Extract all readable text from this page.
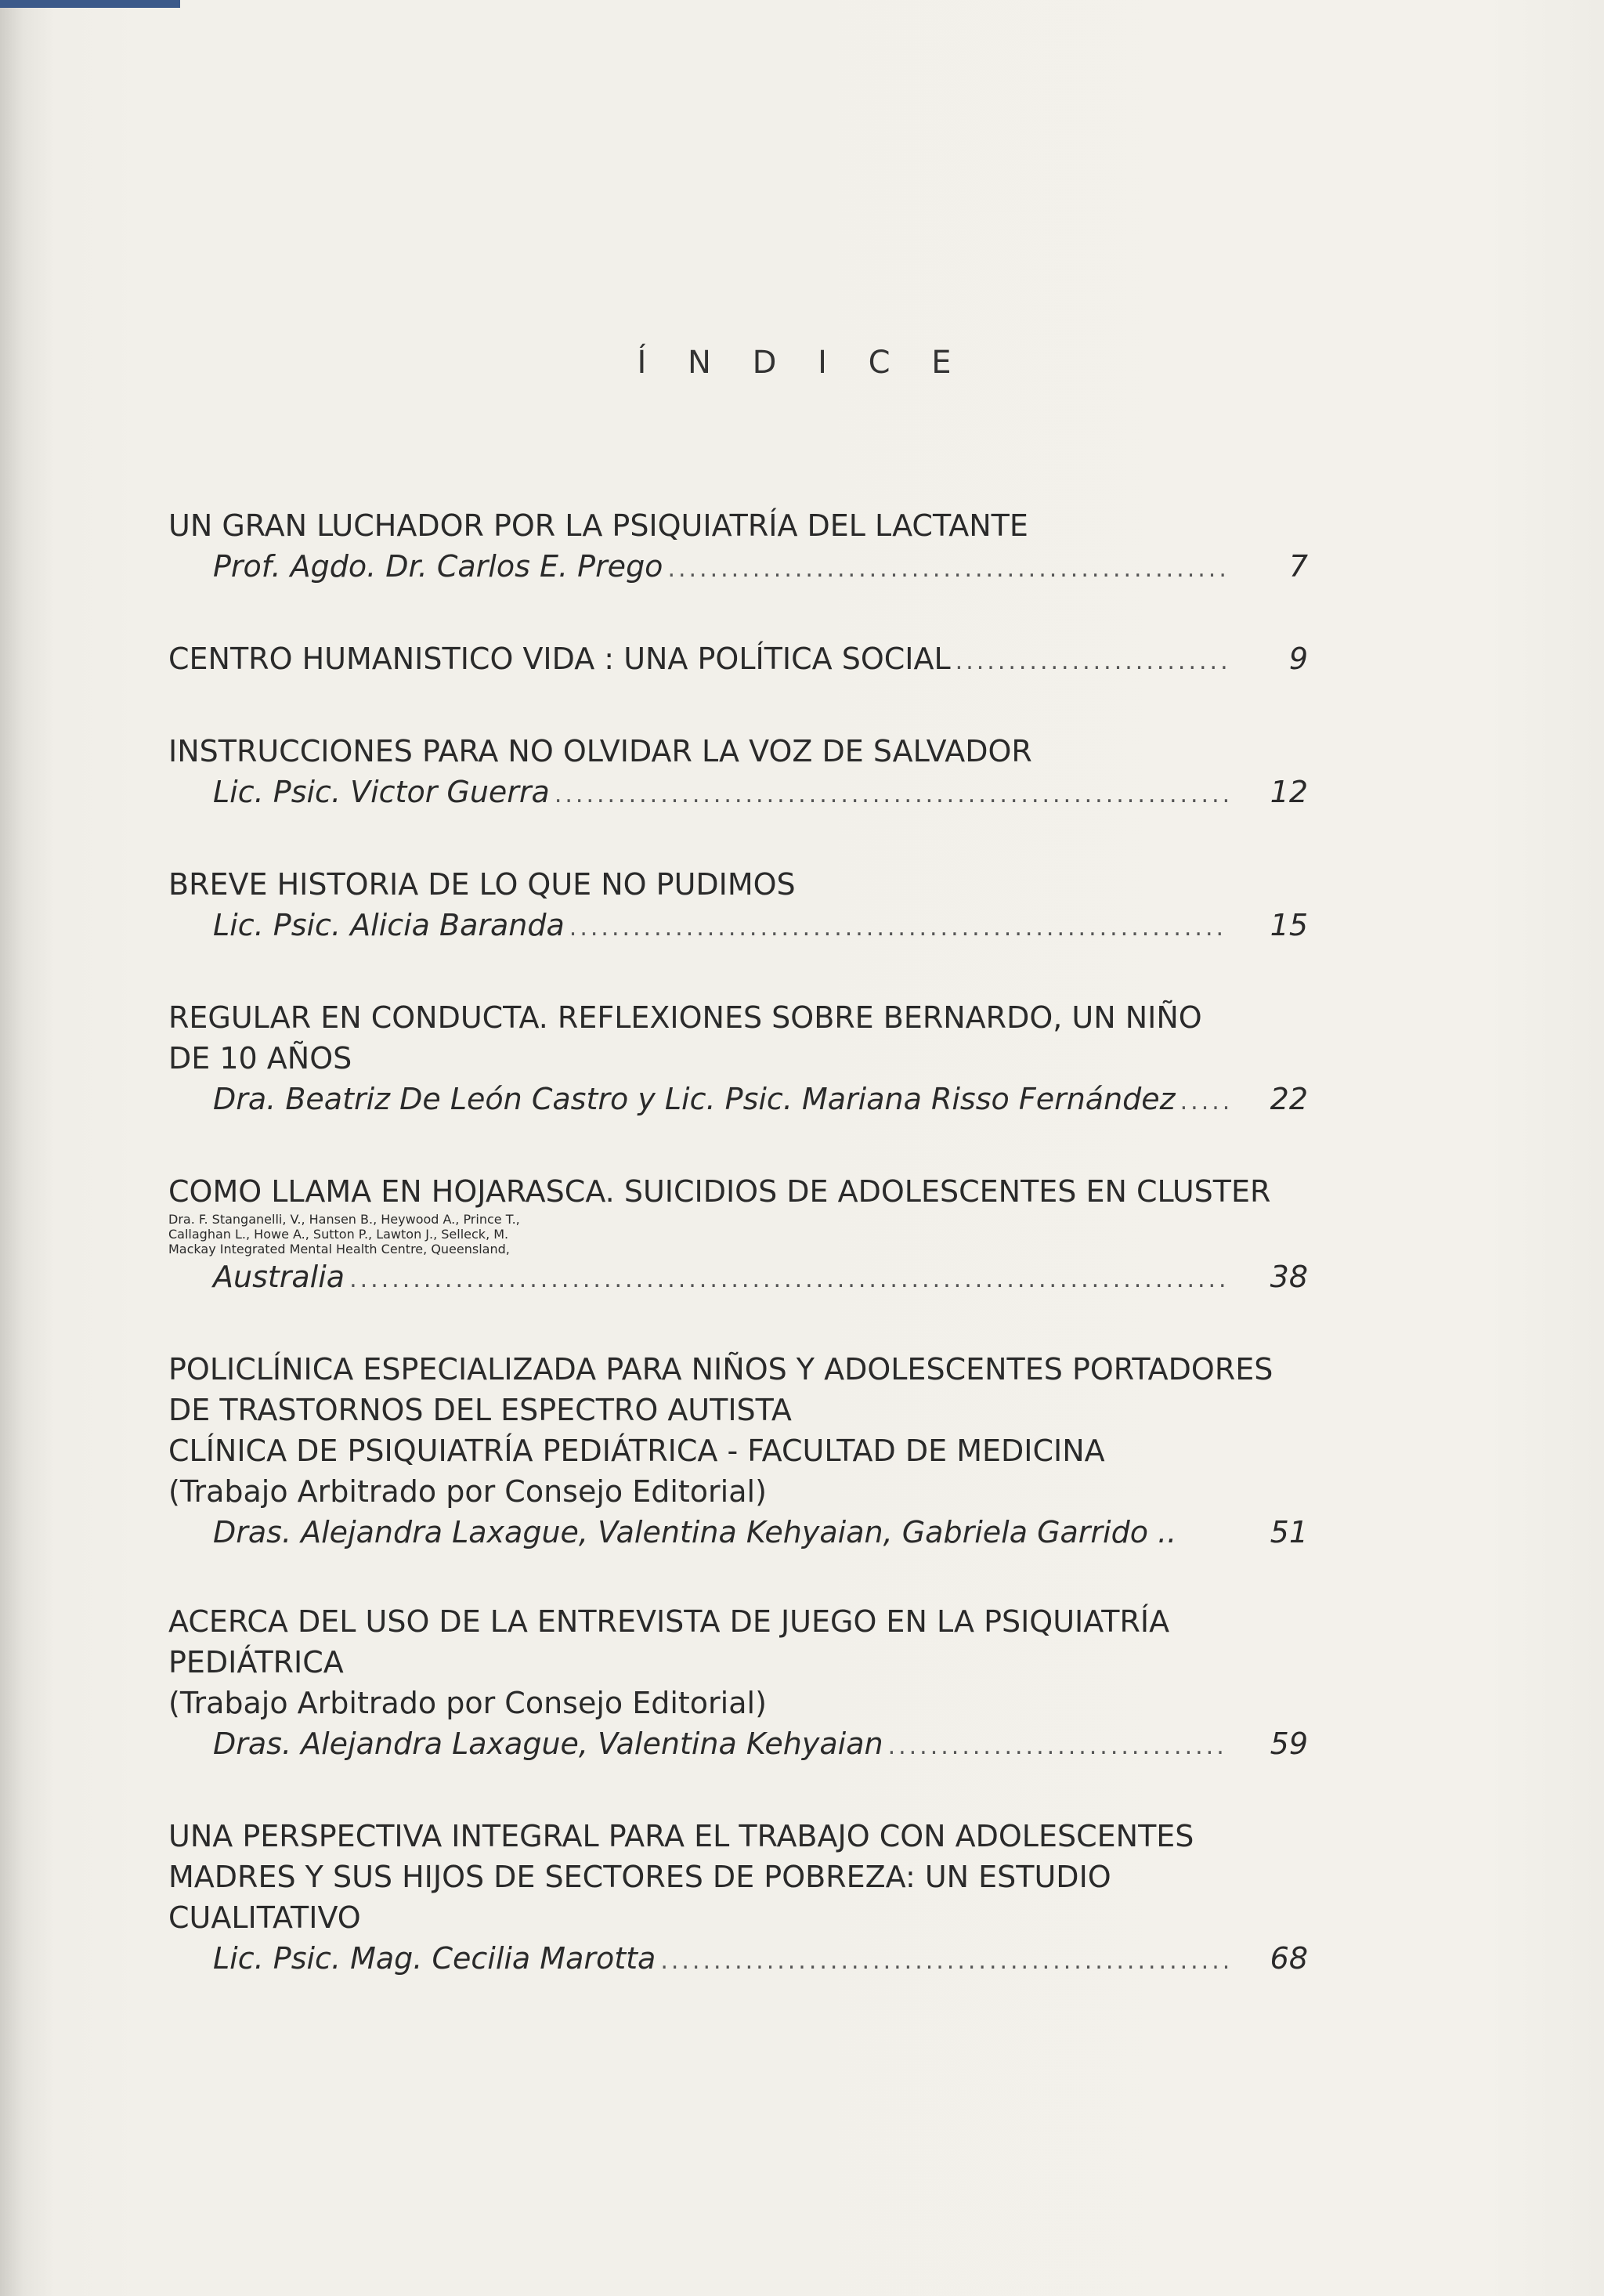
Í N D I C E
UN GRAN LUCHADOR POR LA PSIQUIATRÍA DEL LACTANTE
Prof. Agdo. Dr. Carlos E. Prego .....	7
CENTRO HUMANISTICO VIDA : UNA POLÍTICA SOCIAL .....	9
INSTRUCCIONES PARA NO OLVIDAR LA VOZ DE SALVADOR
Lic. Psic. Victor Guerra .....	12
BREVE HISTORIA DE LO QUE NO PUDIMOS
Lic. Psic. Alicia Baranda .....	15
REGULAR EN CONDUCTA. REFLEXIONES SOBRE BERNARDO, UN NIÑO
DE 10 AÑOS
Dra. Beatriz De León Castro y Lic. Psic. Mariana Risso Fernández .....	22
COMO LLAMA EN HOJARASCA. SUICIDIOS DE ADOLESCENTES EN CLUSTER
Dra. F. Stanganelli, V., Hansen B., Heywood A., Prince T.,
Callaghan L., Howe A., Sutton P., Lawton J., Selleck, M.
Mackay Integrated Mental Health Centre, Queensland,
Australia .....	38
POLICLÍNICA ESPECIALIZADA PARA NIÑOS Y ADOLESCENTES PORTADORES
DE TRASTORNOS DEL ESPECTRO AUTISTA
CLÍNICA DE PSIQUIATRÍA PEDIÁTRICA - FACULTAD DE MEDICINA
(Trabajo Arbitrado por Consejo Editorial)
Dras. Alejandra Laxague, Valentina Kehyaian, Gabriela Garrido ..	51
ACERCA DEL USO DE LA ENTREVISTA DE JUEGO EN LA PSIQUIATRÍA
PEDIÁTRICA
(Trabajo Arbitrado por Consejo Editorial)
Dras. Alejandra Laxague, Valentina Kehyaian .....	59
UNA PERSPECTIVA INTEGRAL PARA EL TRABAJO CON ADOLESCENTES
MADRES Y SUS HIJOS DE SECTORES DE POBREZA: UN ESTUDIO
CUALITATIVO
Lic. Psic. Mag. Cecilia Marotta .....	68
